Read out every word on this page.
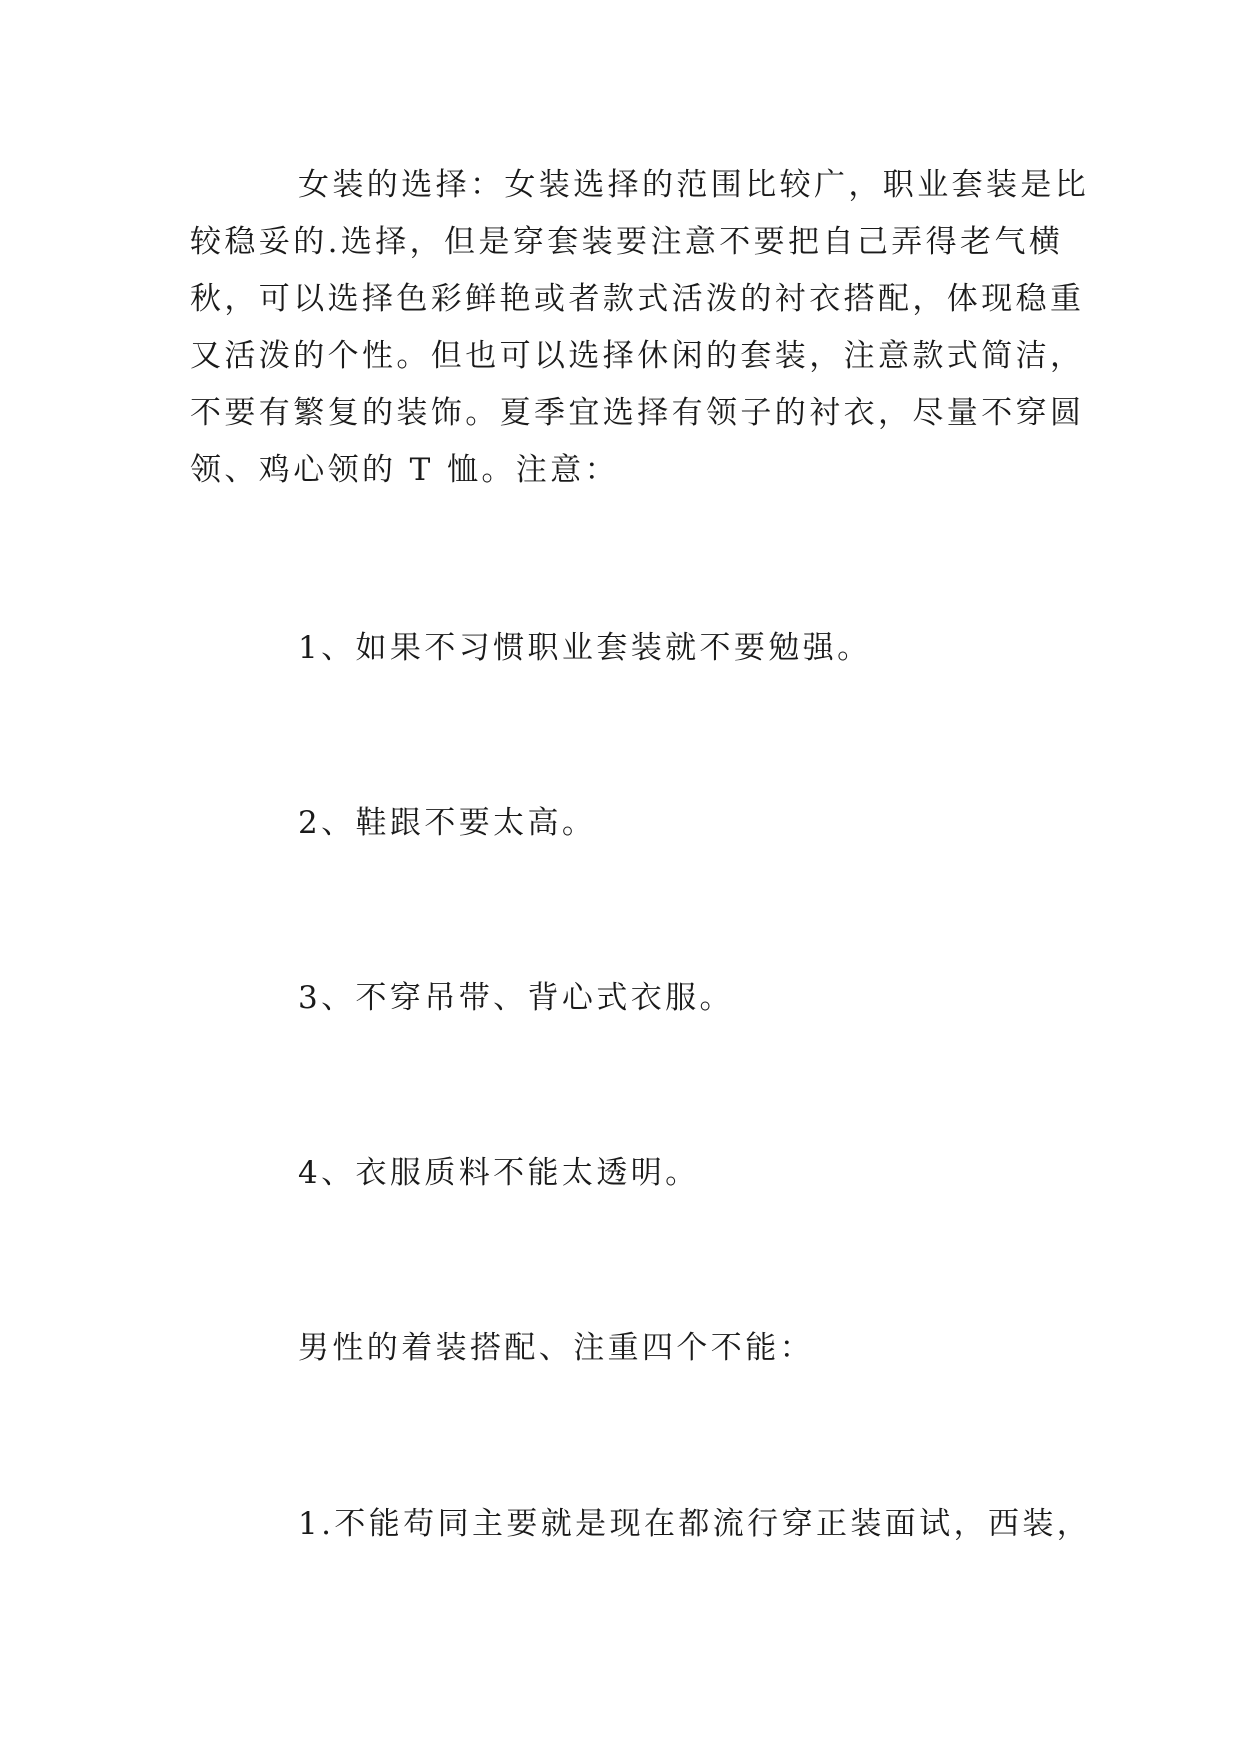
女装的选择：女装选择的范围比较广，职业套装是比
较稳妥的.选择，但是穿套装要注意不要把自己弄得老气横
秋，可以选择色彩鲜艳或者款式活泼的衬衣搭配，体现稳重
又活泼的个性。但也可以选择休闲的套装，注意款式简洁，
不要有繁复的装饰。夏季宜选择有领子的衬衣，尽量不穿圆
领、鸡心领的 T 恤。注意：

1、如果不习惯职业套装就不要勉强。

2、鞋跟不要太高。

3、不穿吊带、背心式衣服。

4、衣服质料不能太透明。

男性的着装搭配、注重四个不能：

1.不能苟同主要就是现在都流行穿正装面试，西装，
